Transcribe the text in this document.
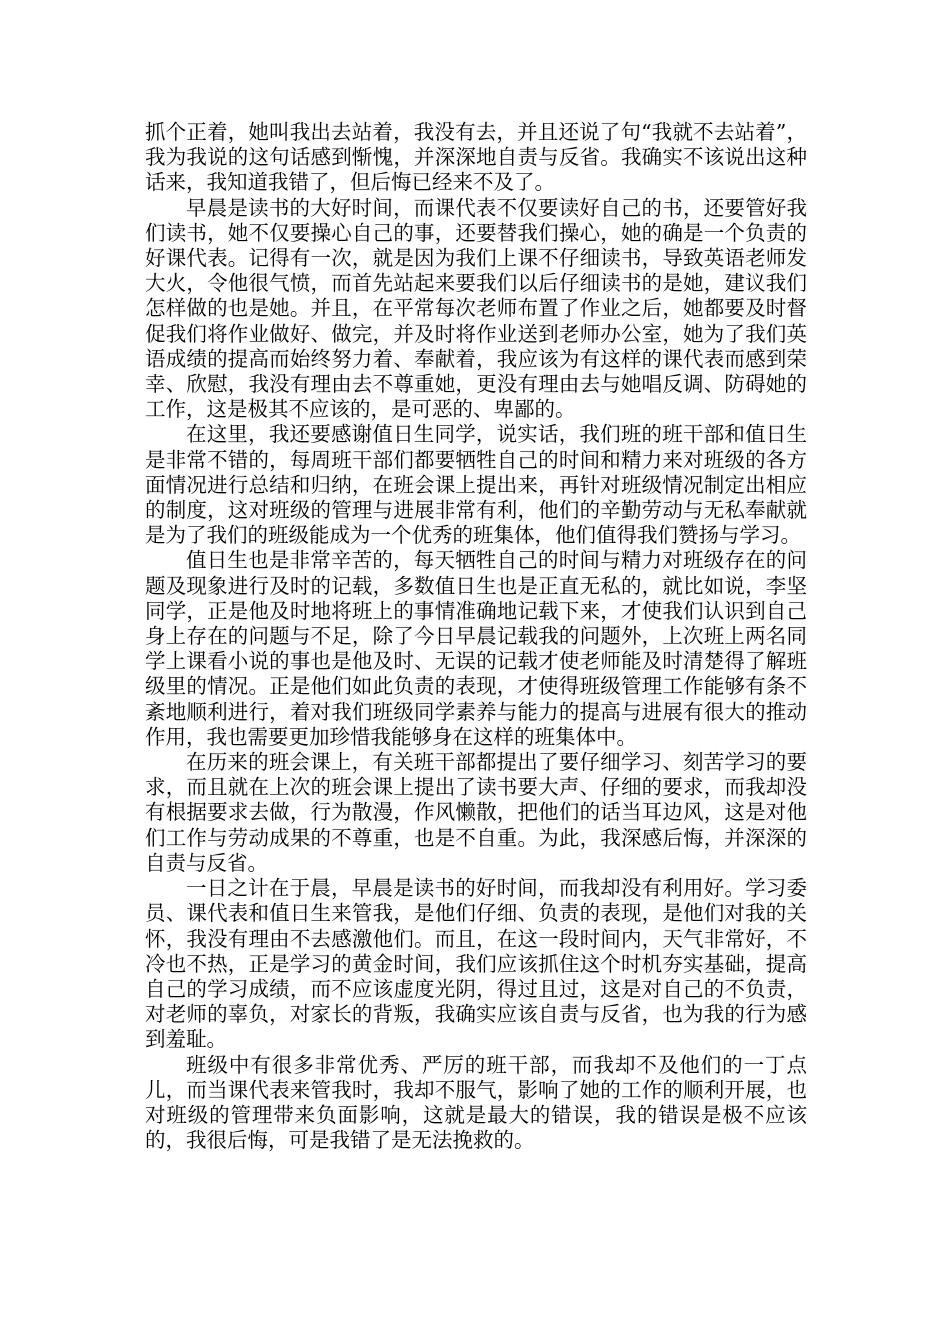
抓个正着，她叫我出去站着，我没有去，并且还说了句“我就不去站着”，我为我说的这句话感到惭愧，并深深地自责与反省。我确实不该说出这种话来，我知道我错了，但后悔已经来不及了。

早晨是读书的大好时间，而课代表不仅要读好自己的书，还要管好我们读书，她不仅要操心自己的事，还要替我们操心，她的确是一个负责的好课代表。记得有一次，就是因为我们上课不仔细读书，导致英语老师发大火，令他很气愤，而首先站起来要我们以后仔细读书的是她，建议我们怎样做的也是她。并且，在平常每次老师布置了作业之后，她都要及时督促我们将作业做好、做完，并及时将作业送到老师办公室，她为了我们英语成绩的提高而始终努力着、奉献着，我应该为有这样的课代表而感到荣幸、欣慰，我没有理由去不尊重她，更没有理由去与她唱反调、防碍她的工作，这是极其不应该的，是可恶的、卑鄙的。

在这里，我还要感谢值日生同学，说实话，我们班的班干部和值日生是非常不错的，每周班干部们都要牺牲自己的时间和精力来对班级的各方面情况进行总结和归纳，在班会课上提出来，再针对班级情况制定出相应的制度，这对班级的管理与进展非常有利，他们的辛勤劳动与无私奉献就是为了我们的班级能成为一个优秀的班集体，他们值得我们赞扬与学习。

值日生也是非常辛苦的，每天牺牲自己的时间与精力对班级存在的问题及现象进行及时的记载，多数值日生也是正直无私的，就比如说，李坚同学，正是他及时地将班上的事情准确地记载下来，才使我们认识到自己身上存在的问题与不足，除了今日早晨记载我的问题外，上次班上两名同学上课看小说的事也是他及时、无误的记载才使老师能及时清楚得了解班级里的情况。正是他们如此负责的表现，才使得班级管理工作能够有条不紊地顺利进行，着对我们班级同学素养与能力的提高与进展有很大的推动作用，我也需要更加珍惜我能够身在这样的班集体中。

在历来的班会课上，有关班干部都提出了要仔细学习、刻苦学习的要求，而且就在上次的班会课上提出了读书要大声、仔细的要求，而我却没有根据要求去做，行为散漫，作风懒散，把他们的话当耳边风，这是对他们工作与劳动成果的不尊重，也是不自重。为此，我深感后悔，并深深的自责与反省。

一日之计在于晨，早晨是读书的好时间，而我却没有利用好。学习委员、课代表和值日生来管我，是他们仔细、负责的表现，是他们对我的关怀，我没有理由不去感激他们。而且，在这一段时间内，天气非常好，不冷也不热，正是学习的黄金时间，我们应该抓住这个时机夯实基础，提高自己的学习成绩，而不应该虚度光阴，得过且过，这是对自己的不负责，对老师的辜负，对家长的背叛，我确实应该自责与反省，也为我的行为感到羞耻。

班级中有很多非常优秀、严厉的班干部，而我却不及他们的一丁点儿，而当课代表来管我时，我却不服气，影响了她的工作的顺利开展，也对班级的管理带来负面影响，这就是最大的错误，我的错误是极不应该的，我很后悔，可是我错了是无法挽救的。
